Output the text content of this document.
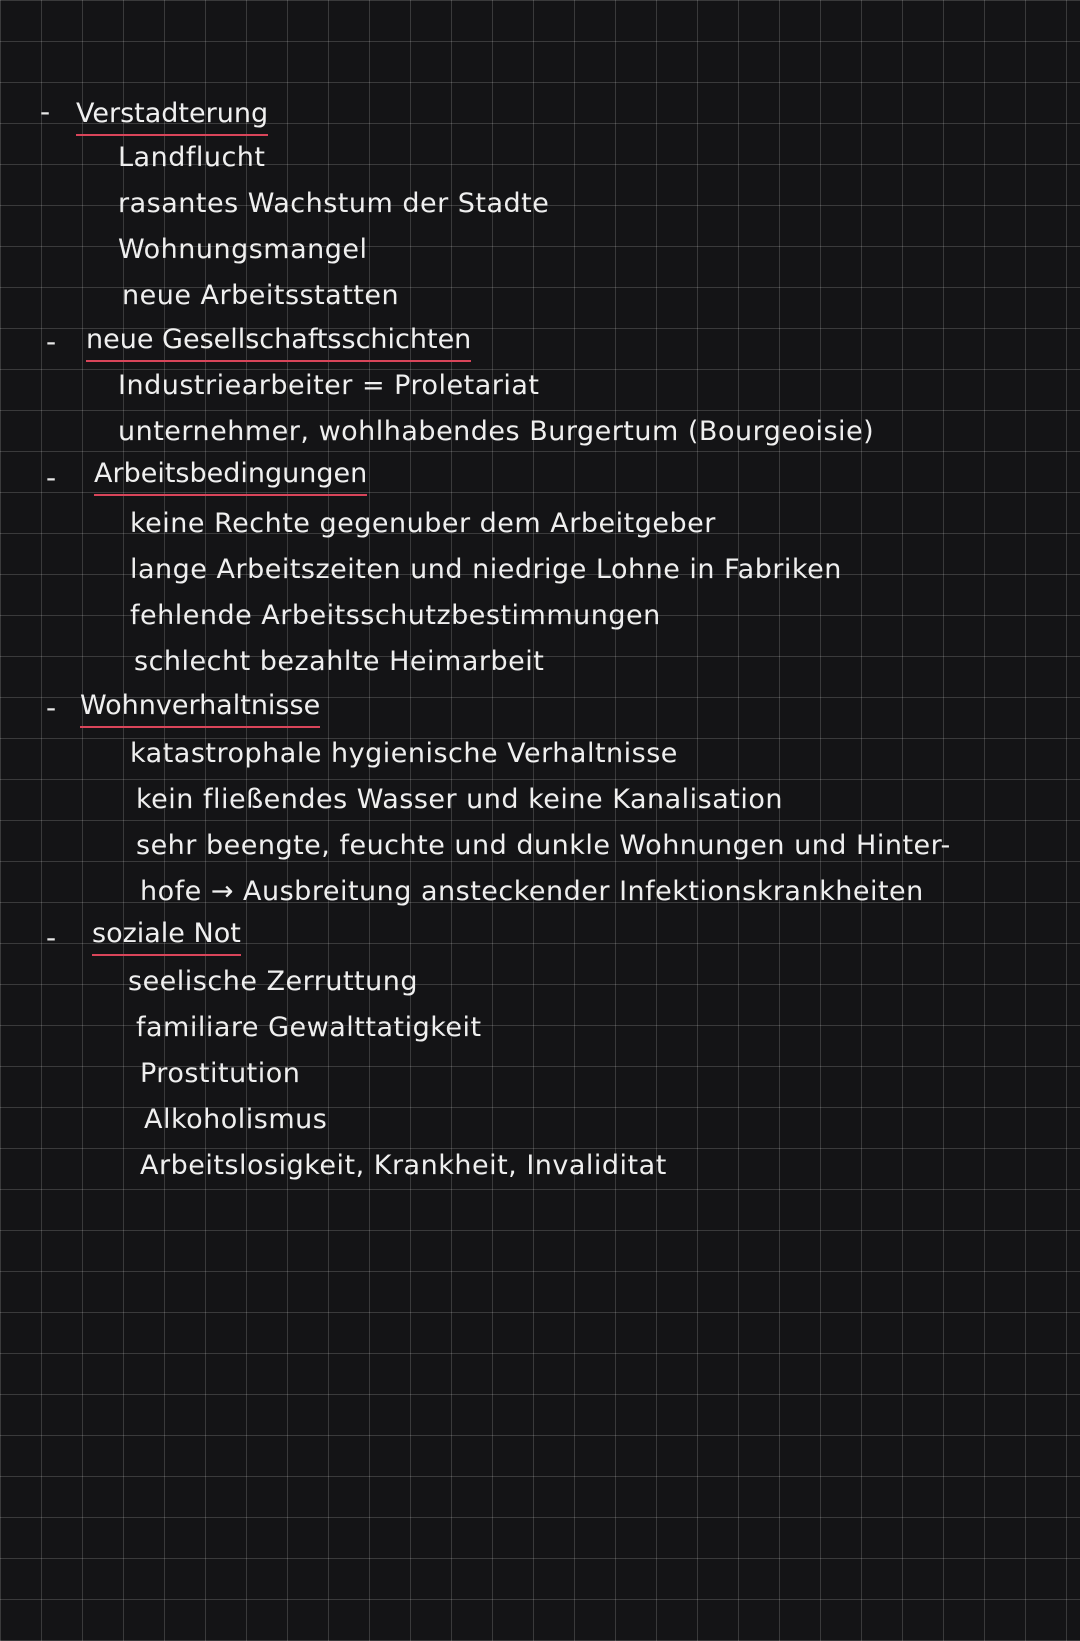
- Verstadterung
Landflucht
rasantes Wachstum der Stadte
Wohnungsmangel
neue Arbeitsstatten
- neue Gesellschaftsschichten
Industriearbeiter = Proletariat
unternehmer, wohlhabendes Burgertum (Bourgeoisie)
- Arbeitsbedingungen
keine Rechte gegenuber dem Arbeitgeber
lange Arbeitszeiten und niedrige Lohne in Fabriken
fehlende Arbeitsschutzbestimmungen
schlecht bezahlte Heimarbeit
- Wohnverhaltnisse
katastrophale hygienische Verhaltnisse
kein fließendes Wasser und keine Kanalisation
sehr beengte, feuchte und dunkle Wohnungen und Hinter-
hofe → Ausbreitung ansteckender Infektionskrankheiten
- soziale Not
seelische Zerruttung
familiare Gewalttatigkeit
Prostitution
Alkoholismus
Arbeitslosigkeit, Krankheit, Invaliditat
